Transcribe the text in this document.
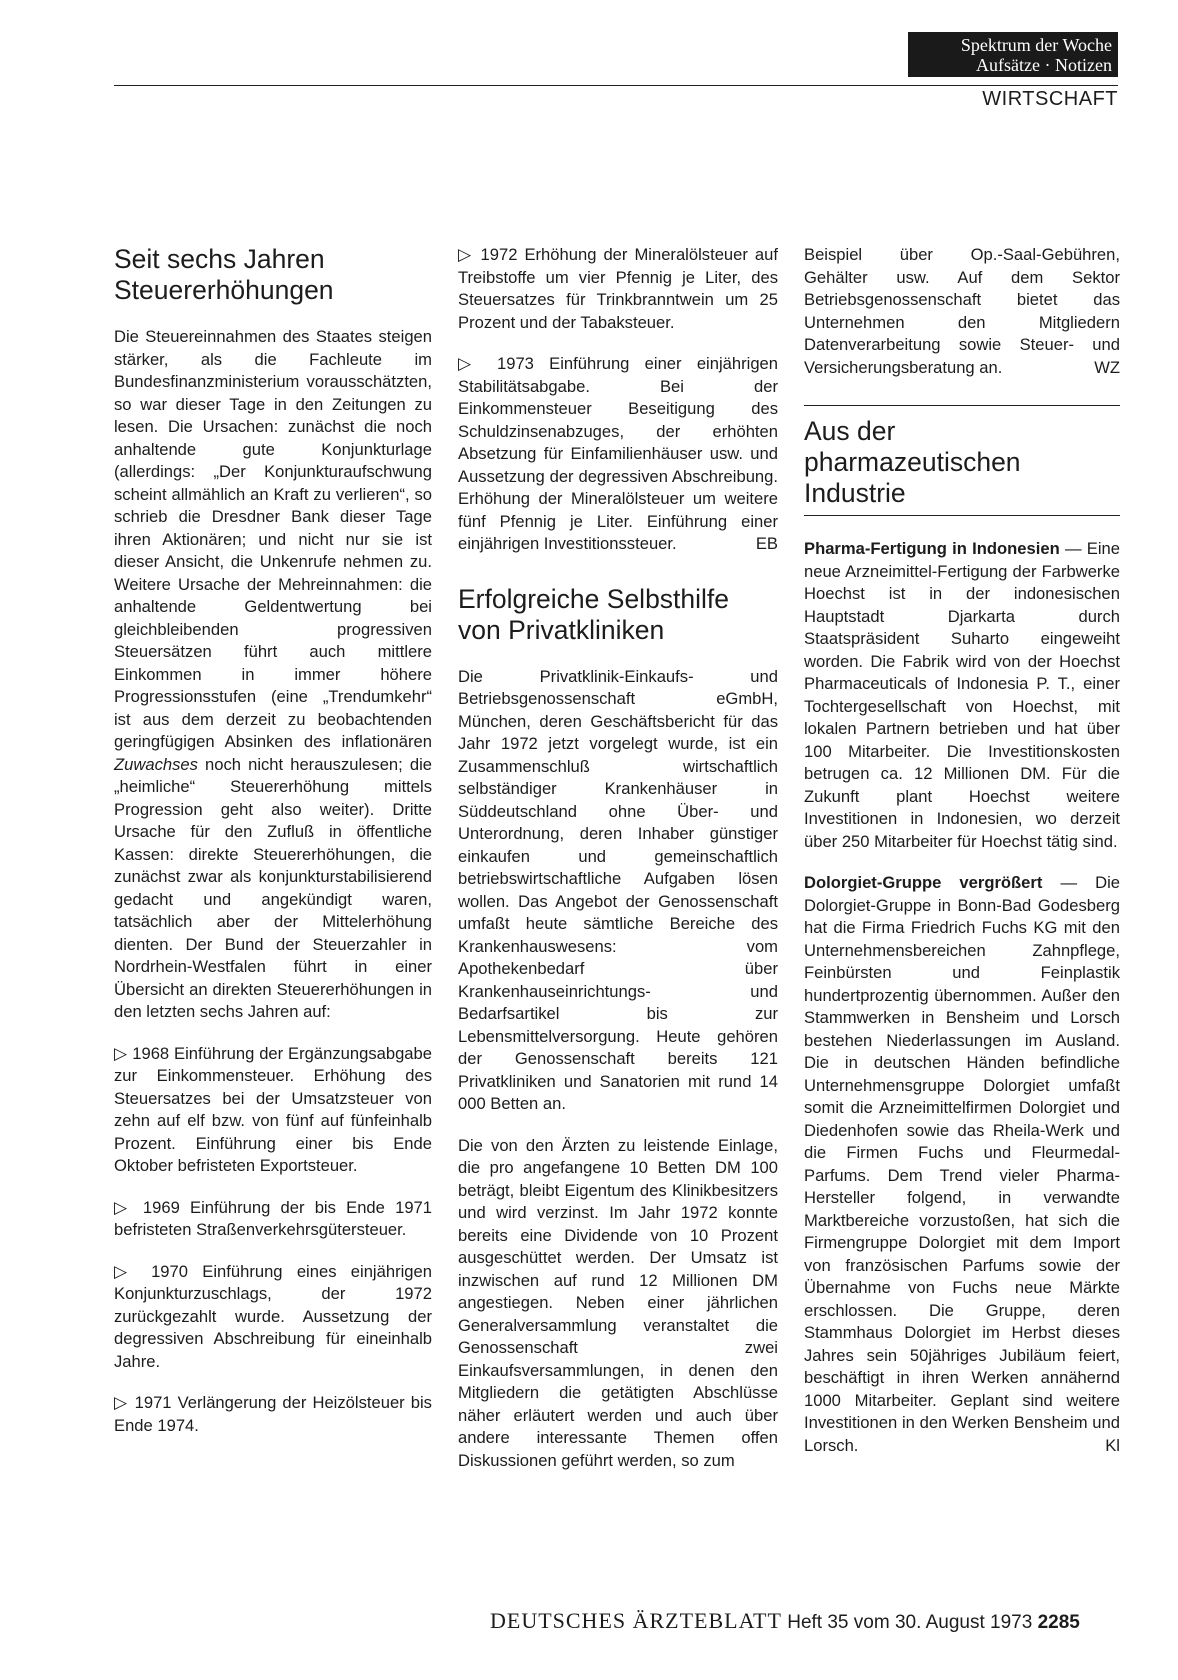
Spektrum der Woche
Aufsätze · Notizen
WIRTSCHAFT
Seit sechs Jahren
Steuererhöhungen

Die Steuereinnahmen des Staates steigen stärker, als die Fachleute im Bundesfinanzministerium vorausschätzten, so war dieser Tage in den Zeitungen zu lesen. Die Ursachen: zunächst die noch anhaltende gute Konjunkturlage (allerdings: „Der Konjunkturaufschwung scheint allmählich an Kraft zu verlieren“, so schrieb die Dresdner Bank dieser Tage ihren Aktionären; und nicht nur sie ist dieser Ansicht, die Unkenrufe nehmen zu. Weitere Ursache der Mehreinnahmen: die anhaltende Geldentwertung bei gleichbleibenden progressiven Steuersätzen führt auch mittlere Einkommen in immer höhere Progressionsstufen (eine „Trendumkehr“ ist aus dem derzeit zu beobachtenden geringfügigen Absinken des inflationären Zuwachses noch nicht herauszulesen; die „heimliche“ Steuererhöhung mittels Progression geht also weiter). Dritte Ursache für den Zufluß in öffentliche Kassen: direkte Steuererhöhungen, die zunächst zwar als konjunkturstabilisierend gedacht und angekündigt waren, tatsächlich aber der Mittelerhöhung dienten. Der Bund der Steuerzahler in Nordrhein-Westfalen führt in einer Übersicht an direkten Steuererhöhungen in den letzten sechs Jahren auf:

▷ 1968 Einführung der Ergänzungsabgabe zur Einkommensteuer. Erhöhung des Steuersatzes bei der Umsatzsteuer von zehn auf elf bzw. von fünf auf fünfeinhalb Prozent. Einführung einer bis Ende Oktober befristeten Exportsteuer.

▷ 1969 Einführung der bis Ende 1971 befristeten Straßenverkehrsgütersteuer.

▷ 1970 Einführung eines einjährigen Konjunkturzuschlags, der 1972 zurückgezahlt wurde. Aussetzung der degressiven Abschreibung für eineinhalb Jahre.

▷ 1971 Verlängerung der Heizölsteuer bis Ende 1974.

▷ 1972 Erhöhung der Mineralölsteuer auf Treibstoffe um vier Pfennig je Liter, des Steuersatzes für Trinkbranntwein um 25 Prozent und der Tabaksteuer.

▷ 1973 Einführung einer einjährigen Stabilitätsabgabe. Bei der Einkommensteuer Beseitigung des Schuldzinsenabzuges, der erhöhten Absetzung für Einfamilienhäuser usw. und Aussetzung der degressiven Abschreibung. Erhöhung der Mineralölsteuer um weitere fünf Pfennig je Liter. Einführung einer einjährigen Investitionssteuer.	EB

Erfolgreiche Selbsthilfe
von Privatkliniken

Die Privatklinik-Einkaufs- und Betriebsgenossenschaft eGmbH, München, deren Geschäftsbericht für das Jahr 1972 jetzt vorgelegt wurde, ist ein Zusammenschluß wirtschaftlich selbständiger Krankenhäuser in Süddeutschland ohne Über- und Unterordnung, deren Inhaber günstiger einkaufen und gemeinschaftlich betriebswirtschaftliche Aufgaben lösen wollen. Das Angebot der Genossenschaft umfaßt heute sämtliche Bereiche des Krankenhauswesens: vom Apothekenbedarf über Krankenhauseinrichtungs- und Bedarfsartikel bis zur Lebensmittelversorgung. Heute gehören der Genossenschaft bereits 121 Privatkliniken und Sanatorien mit rund 14 000 Betten an.

Die von den Ärzten zu leistende Einlage, die pro angefangene 10 Betten DM 100 beträgt, bleibt Eigentum des Klinikbesitzers und wird verzinst. Im Jahr 1972 konnte bereits eine Dividende von 10 Prozent ausgeschüttet werden. Der Umsatz ist inzwischen auf rund 12 Millionen DM angestiegen. Neben einer jährlichen Generalversammlung veranstaltet die Genossenschaft zwei Einkaufsversammlungen, in denen den Mitgliedern die getätigten Abschlüsse näher erläutert werden und auch über andere interessante Themen offen Diskussionen geführt werden, so zum

Beispiel über Op.-Saal-Gebühren, Gehälter usw. Auf dem Sektor Betriebsgenossenschaft bietet das Unternehmen den Mitgliedern Datenverarbeitung sowie Steuer- und Versicherungsberatung an.	WZ

Aus der
pharmazeutischen
Industrie

Pharma-Fertigung in Indonesien — Eine neue Arzneimittel-Fertigung der Farbwerke Hoechst ist in der indonesischen Hauptstadt Djarkarta durch Staatspräsident Suharto eingeweiht worden. Die Fabrik wird von der Hoechst Pharmaceuticals of Indonesia P. T., einer Tochtergesellschaft von Hoechst, mit lokalen Partnern betrieben und hat über 100 Mitarbeiter. Die Investitionskosten betrugen ca. 12 Millionen DM. Für die Zukunft plant Hoechst weitere Investitionen in Indonesien, wo derzeit über 250 Mitarbeiter für Hoechst tätig sind.

Dolorgiet-Gruppe vergrößert — Die Dolorgiet-Gruppe in Bonn-Bad Godesberg hat die Firma Friedrich Fuchs KG mit den Unternehmensbereichen Zahnpflege, Feinbürsten und Feinplastik hundertprozentig übernommen. Außer den Stammwerken in Bensheim und Lorsch bestehen Niederlassungen im Ausland. Die in deutschen Händen befindliche Unternehmensgruppe Dolorgiet umfaßt somit die Arzneimittelfirmen Dolorgiet und Diedenhofen sowie das Rheila-Werk und die Firmen Fuchs und Fleurmedal-Parfums. Dem Trend vieler Pharma-Hersteller folgend, in verwandte Marktbereiche vorzustoßen, hat sich die Firmengruppe Dolorgiet mit dem Import von französischen Parfums sowie der Übernahme von Fuchs neue Märkte erschlossen. Die Gruppe, deren Stammhaus Dolorgiet im Herbst dieses Jahres sein 50jähriges Jubiläum feiert, beschäftigt in ihren Werken annähernd 1000 Mitarbeiter. Geplant sind weitere Investitionen in den Werken Bensheim und Lorsch.	Kl

DEUTSCHES ÄRZTEBLATT Heft 35 vom 30. August 1973 2285
